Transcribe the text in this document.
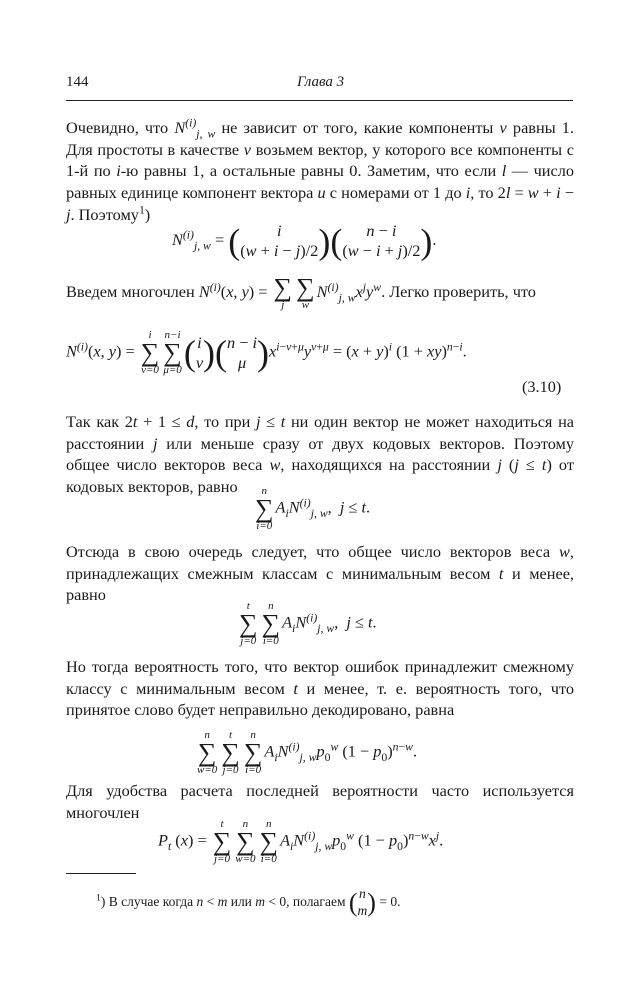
144	Глава 3
Очевидно, что $N^{(i)}_{j, w}$ не зависит от того, какие компоненты v равны 1. Для простоты в качестве v возьмем вектор, у которого все компоненты с 1-й по i-ю равны 1, а остальные равны 0. Заметим, что если l — число равных единице компонент вектора u с номерами от 1 до i, то 2l = w + i − j. Поэтому$^1$)
$N^{(i)}_{j, w}$ = ( i
(w + i − j)/2 )( n − i
(w − i + j)/2 ).
Введем многочлен $N^{(i)}(x$, y) = ∑
j
∑
w
$N^{(i)}_{j, w}x^jy^w$. Легко проверить, что
$N^{(i)}(x$, y) =
i
∑
v=0
n−i
∑
μ=0 ( i
v )( n − i
μ )$x^{i-v+\mu}y^{v+\mu} = (x + y)^i$ (1 + xy)$^{n-i}$.
(3.10)
Так как 2t + 1 ≤ d, то при j ≤ t ни один вектор не может находиться на расстоянии j или меньше сразу от двух кодовых векторов. Поэтому общее число векторов веса w, находящихся на расстоянии j (j ≤ t) от кодовых векторов, равно	n
∑
i=0
$A_iN^{(i)}_{j, w}$,  j ≤ t.
Отсюда в свою очередь следует, что общее число векторов веса w, принадлежащих смежным классам с минимальным весом t и менее, равно
t
∑
j=0
n
∑
i=0
$A_iN^{(i)}_{j, w}$,  j ≤ t.
Но тогда вероятность того, что вектор ошибок принадлежит смежному классу с минимальным весом t и менее, т. е. вероятность того, что принятое слово будет неправильно декодировано, равна
n
∑
w=0
t
∑
j=0
n
∑
i=0
$A_iN^{(i)}_{j, w}p_0^w$ $(1 - p_0)^{n-w}$.
Для удобства расчета последней вероятности часто используется многочлен
$P_t$ (x) =
t
∑
j=0
n
∑
w=0
n
∑
i=0
$A_iN^{(i)}_{j, w}p_0^w$ $(1 - p_0)^{n-w}x^j$.
$^1$) В случае когда n < m или m < 0, полагаем ( n
m ) = 0.
